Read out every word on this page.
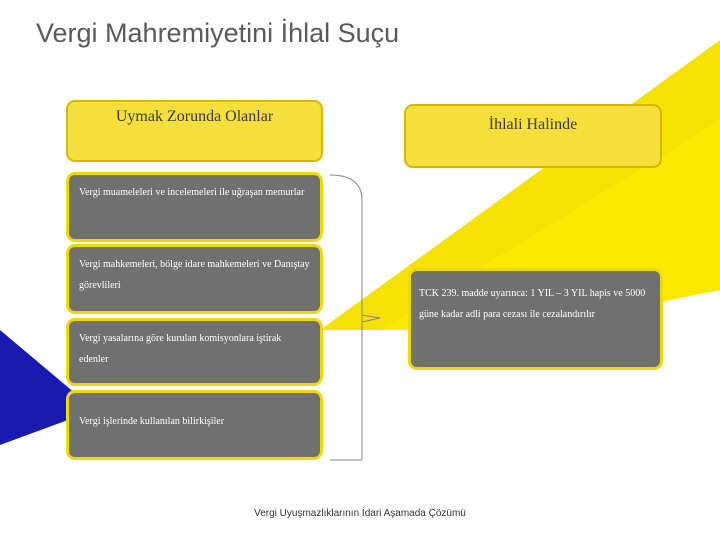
Vergi Mahremiyetini İhlal Suçu
Uymak Zorunda Olanlar	İhlali Halinde
Vergi muameleleri ve incelemeleri ile uğraşan memurlar
Vergi mahkemeleri, bölge idare mahkemeleri ve Danıştay görevlileri
Vergi yasalarına göre kurulan komisyonlara iştirak edenler
Vergi işlerinde kullanılan bilirkişiler
TCK 239. madde uyarınca: 1 YIL – 3 YIL hapis ve 5000 güne kadar adli para cezası ile cezalandırılır
Vergi Uyuşmazlıklarının İdari Aşamada Çözümü
